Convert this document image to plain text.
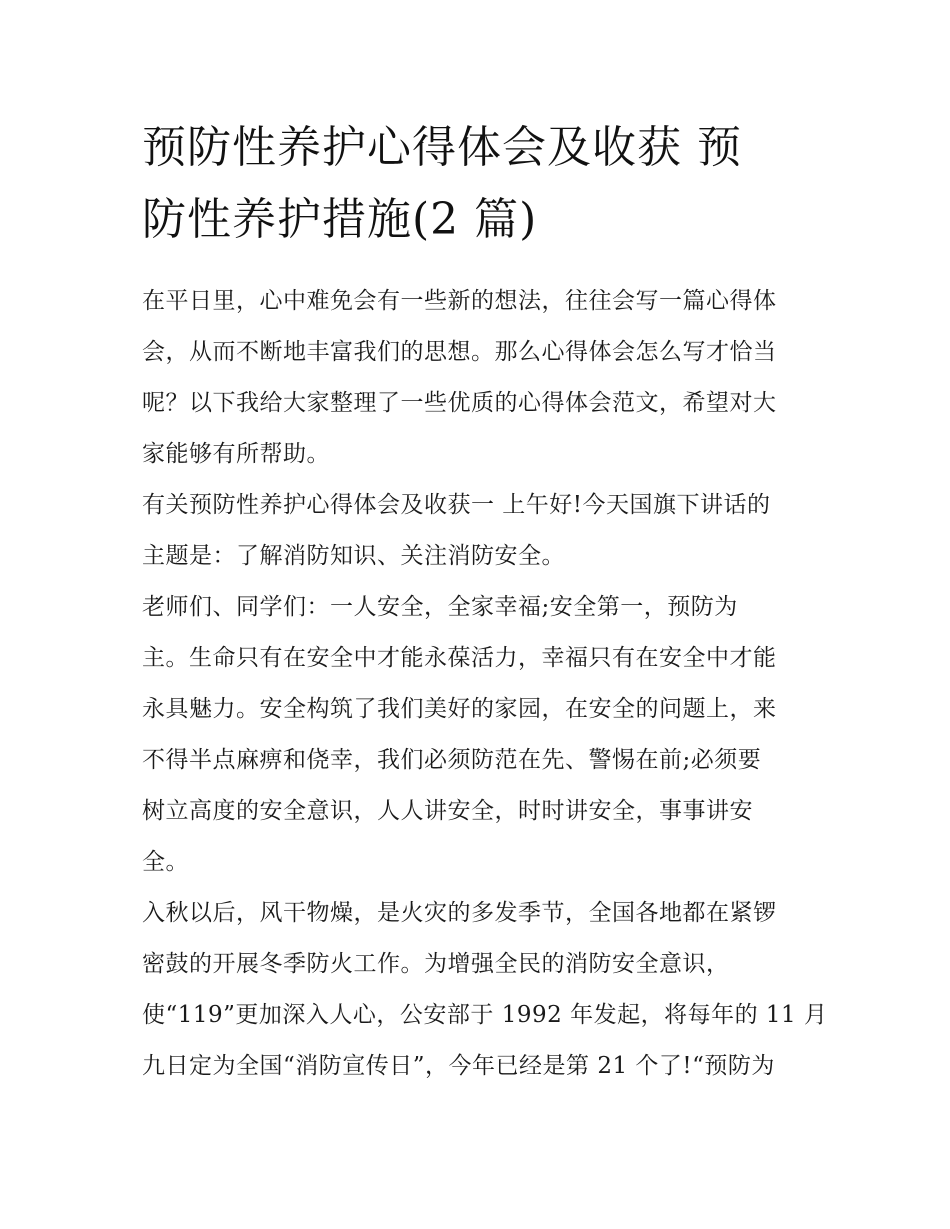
预防性养护心得体会及收获 预
防性养护措施(2 篇)

在平日里，心中难免会有一些新的想法，往往会写一篇心得体
会，从而不断地丰富我们的思想。那么心得体会怎么写才恰当
呢？以下我给大家整理了一些优质的心得体会范文，希望对大
家能够有所帮助。

有关预防性养护心得体会及收获一 上午好!今天国旗下讲话的
主题是：了解消防知识、关注消防安全。

老师们、同学们：一人安全，全家幸福;安全第一，预防为
主。生命只有在安全中才能永葆活力，幸福只有在安全中才能
永具魅力。安全构筑了我们美好的家园，在安全的问题上，来
不得半点麻痹和侥幸，我们必须防范在先、警惕在前;必须要
树立高度的安全意识，人人讲安全，时时讲安全，事事讲安
全。

入秋以后，风干物燥，是火灾的多发季节，全国各地都在紧锣
密鼓的开展冬季防火工作。为增强全民的消防安全意识，
使“119”更加深入人心，公安部于 1992 年发起，将每年的 11 月
九日定为全国“消防宣传日”，今年已经是第 21 个了!“预防为
